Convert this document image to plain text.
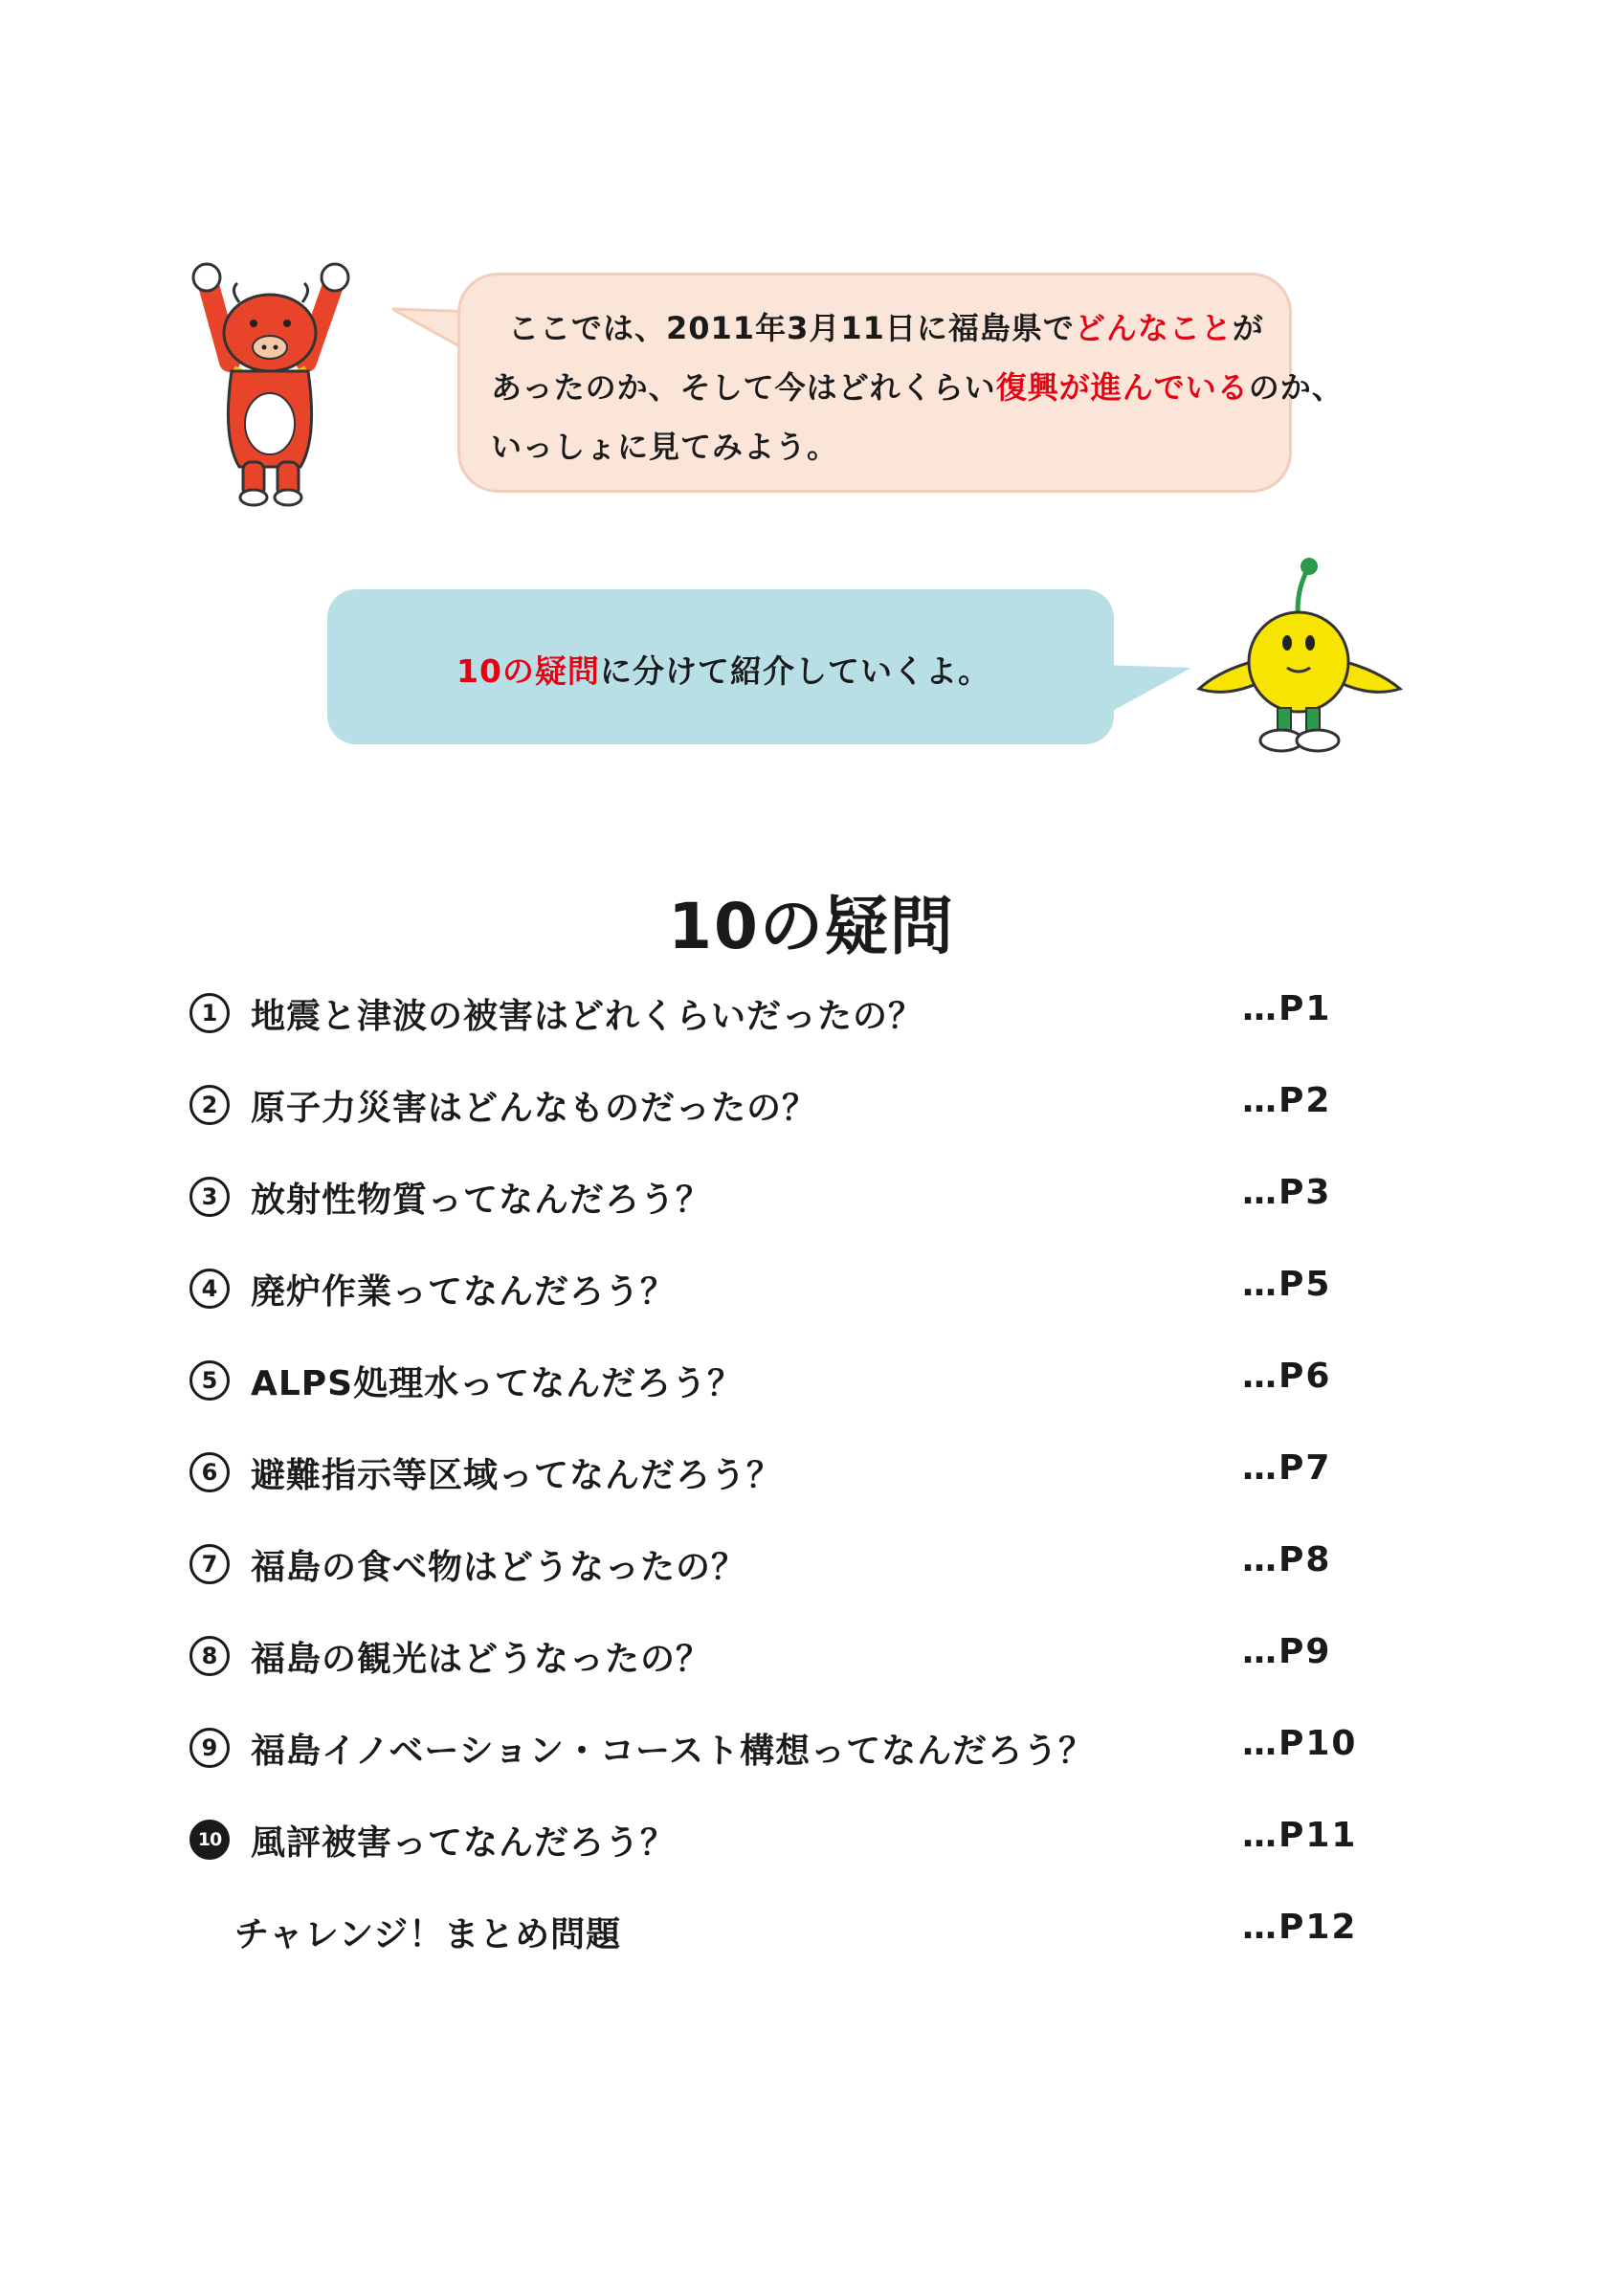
ここでは、2011年3月11日に福島県でどんなことが
あったのか、そして今はどれくらい復興が進んでいるのか、
いっしょに見てみよう。
10の疑問に分けて紹介していくよ。
10の疑問
1 地震と津波の被害はどれくらいだったの？	…P1
2 原子力災害はどんなものだったの？	…P2
3 放射性物質ってなんだろう？	…P3
4 廃炉作業ってなんだろう？	…P5
5 ALPS処理水ってなんだろう？	…P6
6 避難指示等区域ってなんだろう？	…P7
7 福島の食べ物はどうなったの？	…P8
8 福島の観光はどうなったの？	…P9
9 福島イノベーション・コースト構想ってなんだろう？	…P10
10 風評被害ってなんだろう？	…P11
チャレンジ！まとめ問題	…P12
